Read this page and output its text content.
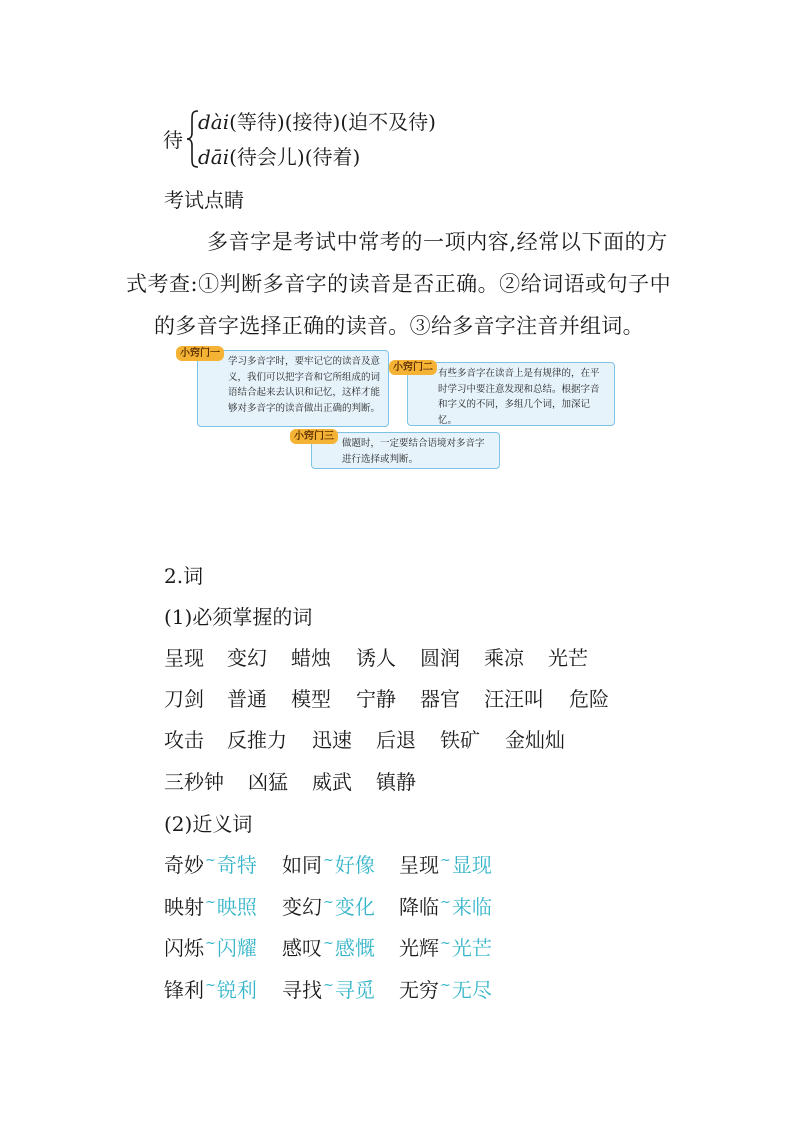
待
dài(等待)(接待)(迫不及待)
dāi(待会儿)(待着)
考试点睛
多音字是考试中常考的一项内容,经常以下面的方
式考查:①判断多音字的读音是否正确。②给词语或句子中
的多音字选择正确的读音。③给多音字注音并组词。
学习多音字时，要牢记它的读音及意义，我们可以把字音和它所组成的词语结合起来去认识和记忆，这样才能够对多音字的读音做出正确的判断。
小窍门一
有些多音字在读音上是有规律的，在平时学习中要注意发现和总结。根据字音和字义的不同，多组几个词，加深记忆。
小窍门二
做题时，一定要结合语境对多音字进行选择或判断。
小窍门三
2.词
(1)必须掌握的词
呈现 变幻 蜡烛 诱人 圆润 乘凉 光芒
刀剑 普通 模型 宁静 器官 汪汪叫 危险
攻击 反推力 迅速 后退 铁矿 金灿灿
三秒钟 凶猛 威武 镇静
(2)近义词
奇妙~奇特 如同~好像 呈现~显现
映射~映照 变幻~变化 降临~来临
闪烁~闪耀 感叹~感慨 光辉~光芒
锋利~锐利 寻找~寻觅 无穷~无尽
